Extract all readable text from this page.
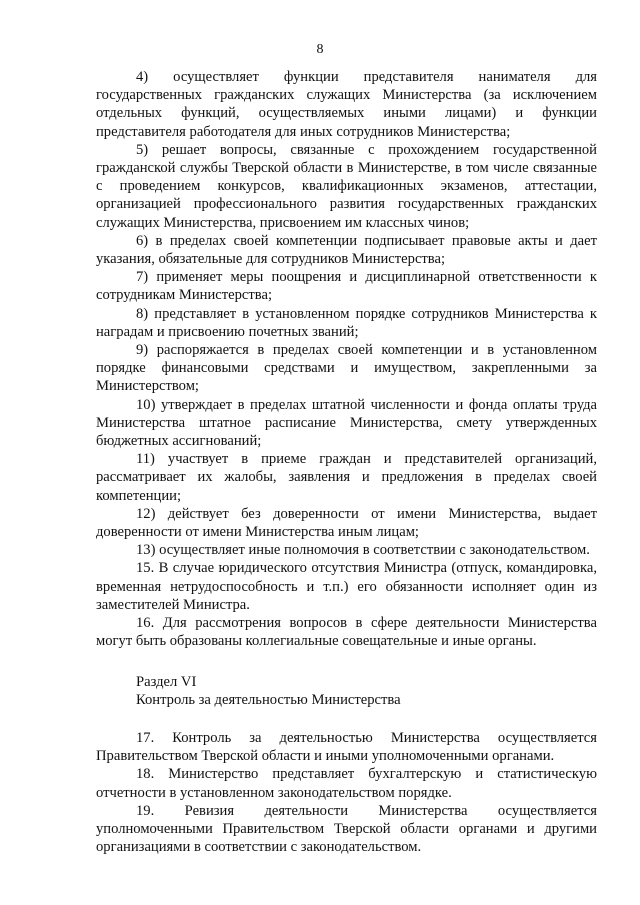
8

4) осуществляет функции представителя нанимателя для государственных гражданских служащих Министерства (за исключением отдельных функций, осуществляемых иными лицами) и функции представителя работодателя для иных сотрудников Министерства;

5) решает вопросы, связанные с прохождением государственной гражданской службы Тверской области в Министерстве, в том числе связанные с проведением конкурсов, квалификационных экзаменов, аттестации, организацией профессионального развития государственных гражданских служащих Министерства, присвоением им классных чинов;

6) в пределах своей компетенции подписывает правовые акты и дает указания, обязательные для сотрудников Министерства;

7) применяет меры поощрения и дисциплинарной ответственности к сотрудникам Министерства;

8) представляет в установленном порядке сотрудников Министерства к наградам и присвоению почетных званий;

9) распоряжается в пределах своей компетенции и в установленном порядке финансовыми средствами и имуществом, закрепленными за Министерством;

10) утверждает в пределах штатной численности и фонда оплаты труда Министерства штатное расписание Министерства, смету утвержденных бюджетных ассигнований;

11) участвует в приеме граждан и представителей организаций, рассматривает их жалобы, заявления и предложения в пределах своей компетенции;

12) действует без доверенности от имени Министерства, выдает доверенности от имени Министерства иным лицам;

13) осуществляет иные полномочия в соответствии с законодательством.

15. В случае юридического отсутствия Министра (отпуск, командировка, временная нетрудоспособность и т.п.) его обязанности исполняет один из заместителей Министра.

16. Для рассмотрения вопросов в сфере деятельности Министерства могут быть образованы коллегиальные совещательные и иные органы.

Раздел VI

Контроль за деятельностью Министерства

17. Контроль за деятельностью Министерства осуществляется Правительством Тверской области и иными уполномоченными органами.

18. Министерство представляет бухгалтерскую и статистическую отчетности в установленном законодательством порядке.

19. Ревизия деятельности Министерства осуществляется уполномоченными Правительством Тверской области органами и другими организациями в соответствии с законодательством.
